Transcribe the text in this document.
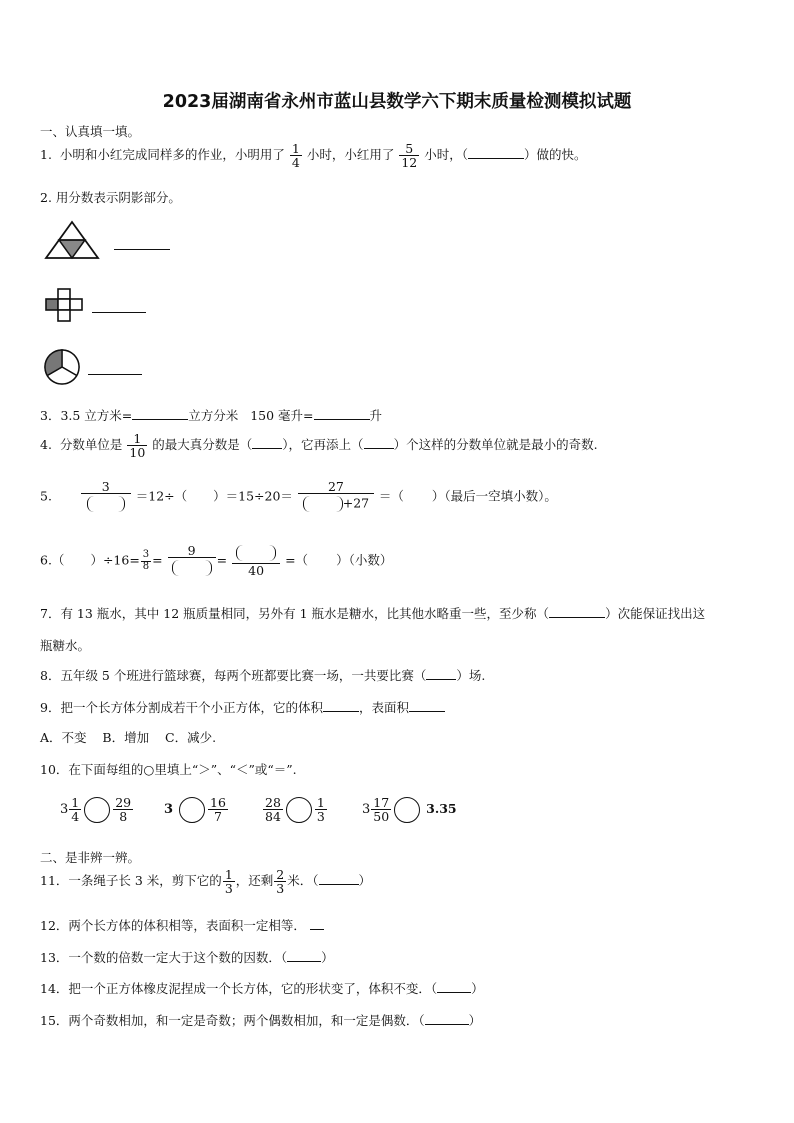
2023届湖南省永州市蓝山县数学六下期末质量检测模拟试题
一、认真填一填。
1. 小明和小红完成同样多的作业，小明用了 $\frac{1}{4}$ 小时，小红用了 $\frac{5}{12}$ 小时，（	）做的快。
2. 用分数表示阴影部分。
3．3.5 立方米=	立方分米 150 毫升=	升
4. 分数单位是 $\frac{1}{10}$ 的最大真分数是（ ），它再添上（ ）个这样的分数单位就是最小的奇数.
5.
3
＝12÷（ ）$=15\div 20= \frac{27}{+27}$ ＝（ ）（最后一空填小数）。
6.（ ）$\div 16= \frac{3}{8}$ =
9
=
40
=（ ）（小数）
7．有 13 瓶水，其中 12 瓶质量相同，另外有 1 瓶水是糖水，比其他水略重一些，至少称（	）次能保证找出这
瓶糖水。
8．五年级 5 个班进行篮球赛，每两个班都要比赛一场，一共要比赛（ ）场.
9．把一个长方体分割成若干个小正方体，它的体积	，表面积
A．不变    B．增加    C．减少.
10．在下面每组的○里填上“＞”、“＜”或“＝”.
$3 \frac{1}{4}$	$\frac{29}{8} 3$	$\frac{16}{7}$	$\frac{28}{84}$	$\frac{1}{3}$	$3 \frac{17}{50}$	3.35
二、是非辨一辨。
11．一条绳子长 3 米，剪下它的 $\frac{1}{3}$ ，还剩 $\frac{2}{3}$ 米．（	）
12．两个长方体的体积相等，表面积一定相等．
13．一个数的倍数一定大于这个数的因数．（	）
14．把一个正方体橡皮泥捏成一个长方体，它的形状变了，体积不变．（	）
15．两个奇数相加，和一定是奇数；两个偶数相加，和一定是偶数．（	）
